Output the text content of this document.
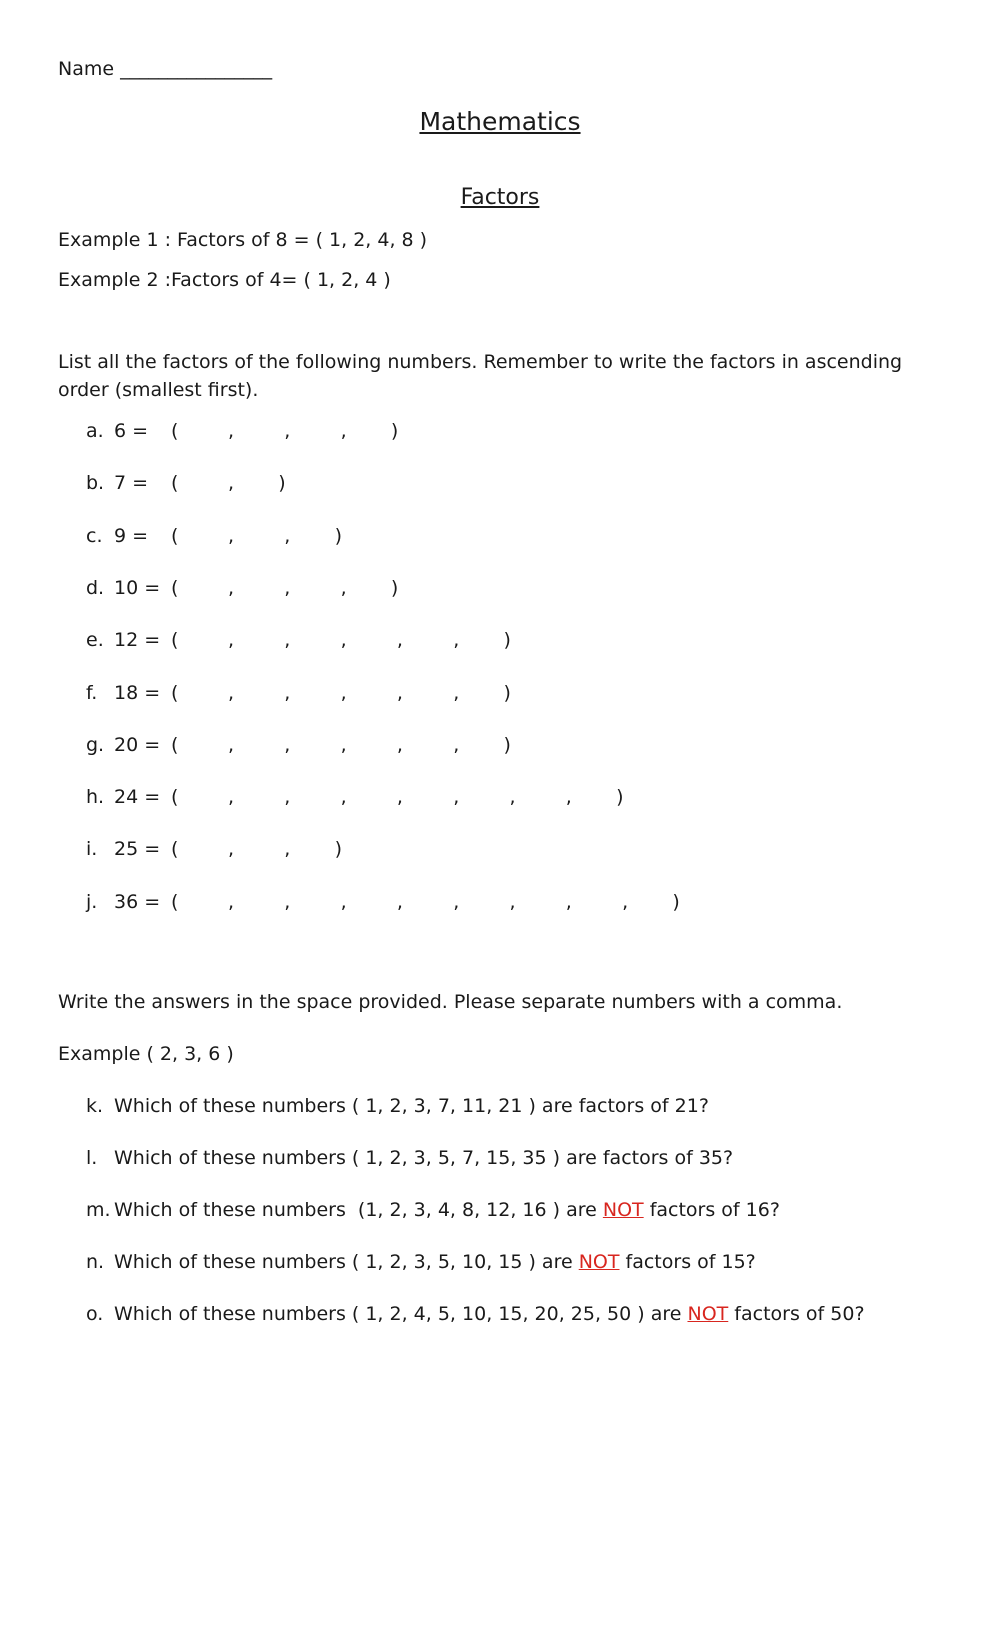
Name ________________
Mathematics
Factors
Example 1 : Factors of 8 = ( 1, 2, 4, 8 )
Example 2 :Factors of 4= ( 1, 2, 4 )
List all the factors of the following numbers. Remember to write the factors in ascending order (smallest first).
a. 6 = (	,	,	, )
b. 7 = (	, )
c. 9 = (	,	, )
d. 10 = (	,	,	, )
e. 12 = (	,	,	,	,	, )
f. 18 = (	,	,	,	,	, )
g. 20 = (	,	,	,	,	, )
h. 24 = (	,	,	,	,	,	,	, )
i. 25 = (	,	, )
j. 36 = (	,	,	,	,	,	,	,	, )
Write the answers in the space provided. Please separate numbers with a comma.
Example ( 2, 3, 6 )
k. Which of these numbers ( 1, 2, 3, 7, 11, 21 ) are factors of 21?
l. Which of these numbers ( 1, 2, 3, 5, 7, 15, 35 ) are factors of 35?
m. Which of these numbers  (1, 2, 3, 4, 8, 12, 16 ) are NOT factors of 16?
n. Which of these numbers ( 1, 2, 3, 5, 10, 15 ) are NOT factors of 15?
o. Which of these numbers ( 1, 2, 4, 5, 10, 15, 20, 25, 50 ) are NOT factors of 50?
